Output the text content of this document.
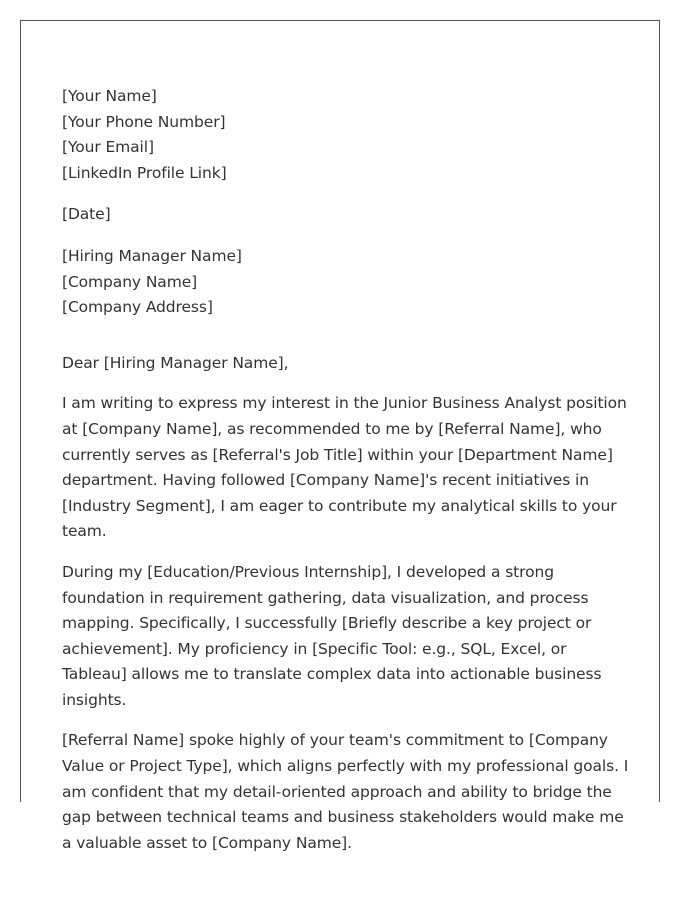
[Your Name]
[Your Phone Number]
[Your Email]
[LinkedIn Profile Link]
[Date]
[Hiring Manager Name]
[Company Name]
[Company Address]
Dear [Hiring Manager Name],

I am writing to express my interest in the Junior Business Analyst position at [Company Name], as recommended to me by [Referral Name], who currently serves as [Referral's Job Title] within your [Department Name] department. Having followed [Company Name]'s recent initiatives in [Industry Segment], I am eager to contribute my analytical skills to your team.

During my [Education/Previous Internship], I developed a strong foundation in requirement gathering, data visualization, and process mapping. Specifically, I successfully [Briefly describe a key project or achievement]. My proficiency in [Specific Tool: e.g., SQL, Excel, or Tableau] allows me to translate complex data into actionable business insights.

[Referral Name] spoke highly of your team's commitment to [Company Value or Project Type], which aligns perfectly with my professional goals. I am confident that my detail-oriented approach and ability to bridge the gap between technical teams and business stakeholders would make me a valuable asset to [Company Name].
